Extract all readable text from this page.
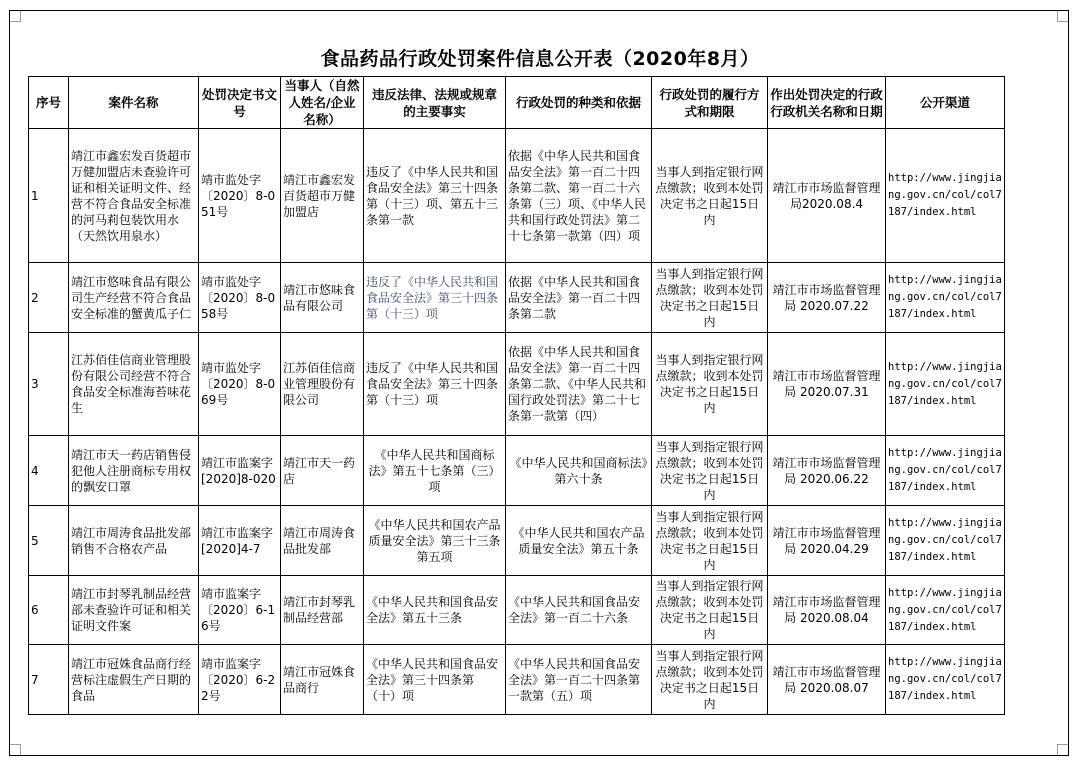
食品药品行政处罚案件信息公开表（2020年8月）
序号	案件名称	处罚决定书文号	当事人（自然人姓名/企业名称）	违反法律、法规或规章的主要事实	行政处罚的种类和依据	行政处罚的履行方式和期限	作出处罚决定的行政行政机关名称和日期	公开渠道
1	靖江市鑫宏发百货超市万健加盟店未查验许可证和相关证明文件、经营不符合食品安全标准的河马莉包装饮用水（天然饮用泉水）	靖市监处字〔2020〕8-051号	靖江市鑫宏发百货超市万健加盟店	违反了《中华人民共和国食品安全法》第三十四条第（十三）项、第五十三条第一款	依据《中华人民共和国食品安全法》第一百二十四条第二款、第一百二十六条第（三）项、《中华人民共和国行政处罚法》第二十七条第一款第（四）项	当事人到指定银行网点缴款；收到本处罚决定书之日起15日内	靖江市市场监督管理局2020.08.4	http://www.jingjiang.gov.cn/col/col7187/index.html
2	靖江市悠味食品有限公司生产经营不符合食品安全标准的蟹黄瓜子仁	靖市监处字〔2020〕8-058号	靖江市悠味食品有限公司	违反了《中华人民共和国食品安全法》第三十四条第（十三）项	依据《中华人民共和国食品安全法》第一百二十四条第二款	当事人到指定银行网点缴款；收到本处罚决定书之日起15日内	靖江市市场监督管理局 2020.07.22	http://www.jingjiang.gov.cn/col/col7187/index.html
3	江苏佰佳信商业管理股份有限公司经营不符合食品安全标准海苔味花生	靖市监处字〔2020〕8-069号	江苏佰佳信商业管理股份有限公司	违反了《中华人民共和国食品安全法》第三十四条第（十三）项	依据《中华人民共和国食品安全法》第一百二十四条第二款、《中华人民共和国行政处罚法》第二十七条第一款第（四）	当事人到指定银行网点缴款；收到本处罚决定书之日起15日内	靖江市市场监督管理局 2020.07.31	http://www.jingjiang.gov.cn/col/col7187/index.html
4	靖江市天一药店销售侵犯他人注册商标专用权的飘安口罩	靖江市监案字[2020]8-020	靖江市天一药店	《中华人民共和国商标法》第五十七条第（三）项	《中华人民共和国商标法》第六十条	当事人到指定银行网点缴款；收到本处罚决定书之日起15日内	靖江市市场监督管理局 2020.06.22	http://www.jingjiang.gov.cn/col/col7187/index.html
5	靖江市周涛食品批发部销售不合格农产品	靖江市监案字[2020]4-7	靖江市周涛食品批发部	《中华人民共和国农产品质量安全法》第三十三条第五项	《中华人民共和国农产品质量安全法》第五十条	当事人到指定银行网点缴款；收到本处罚决定书之日起15日内	靖江市市场监督管理局 2020.04.29	http://www.jingjiang.gov.cn/col/col7187/index.html
6	靖江市封琴乳制品经营部未查验许可证和相关证明文件案	靖市监案字〔2020〕6-16号	靖江市封琴乳制品经营部	《中华人民共和国食品安全法》第五十三条	《中华人民共和国食品安全法》第一百二十六条	当事人到指定银行网点缴款；收到本处罚决定书之日起15日内	靖江市市场监督管理局 2020.08.04	http://www.jingjiang.gov.cn/col/col7187/index.html
7	靖江市冠姝食品商行经营标注虚假生产日期的食品	靖市监案字〔2020〕6-22号	靖江市冠姝食品商行	《中华人民共和国食品安全法》第三十四条第（十）项	《中华人民共和国食品安全法》第一百二十四条第一款第（五）项	当事人到指定银行网点缴款；收到本处罚决定书之日起15日内	靖江市市场监督管理局 2020.08.07	http://www.jingjiang.gov.cn/col/col7187/index.html
